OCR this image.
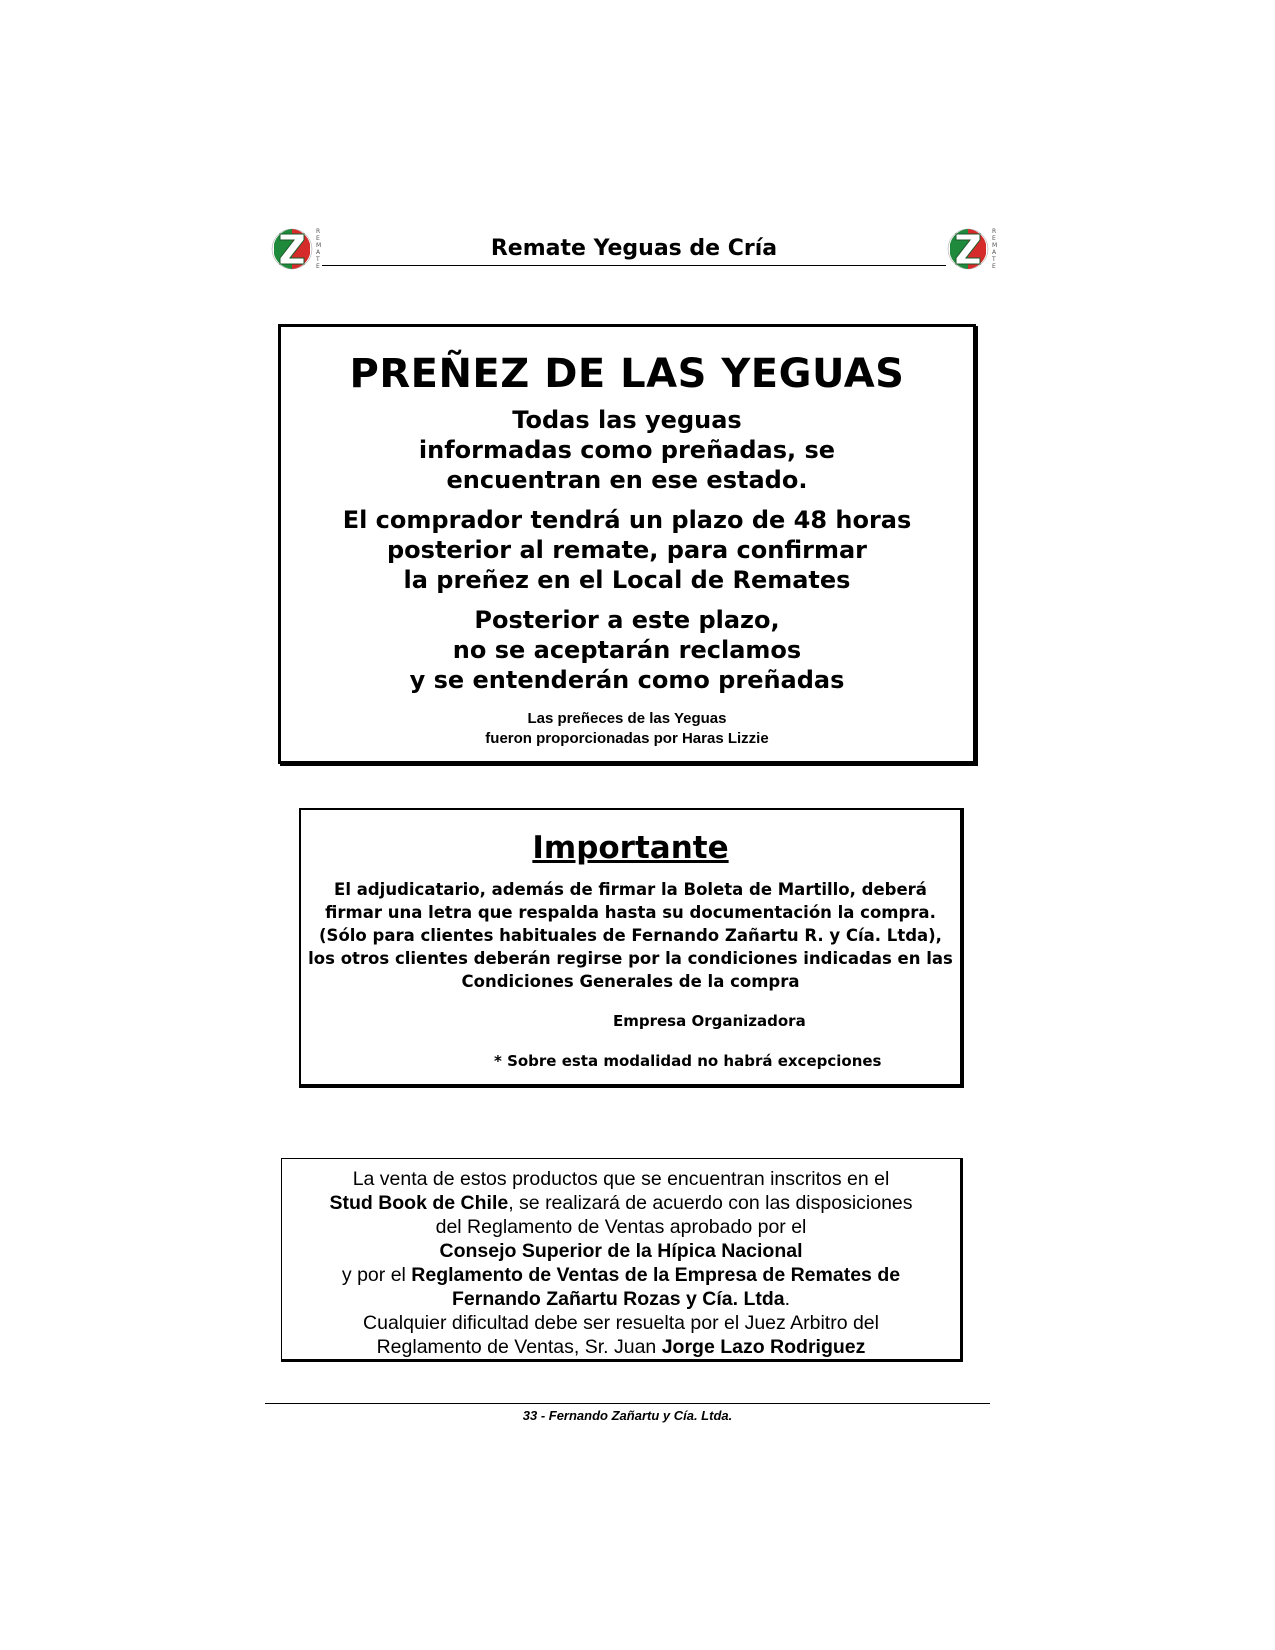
R
E
M
A
T
E
Remate Yeguas de Cría
R
E
M
A
T
E
PREÑEZ DE LAS YEGUAS
Todas las yeguas
informadas como preñadas, se
encuentran en ese estado.
El comprador tendrá un plazo de 48 horas
posterior al remate, para confirmar
la preñez en el Local de Remates
Posterior a este plazo,
no se aceptarán reclamos
y se entenderán como preñadas
Las preñeces de las Yeguas
fueron proporcionadas por Haras Lizzie
Importante
El adjudicatario, además de firmar la Boleta de Martillo, deberá
firmar una letra que respalda hasta su documentación la compra.
(Sólo para clientes habituales de Fernando Zañartu R. y Cía. Ltda),
los otros clientes deberán regirse por la condiciones indicadas en las
Condiciones Generales de la compra
Empresa Organizadora
* Sobre esta modalidad no habrá excepciones
La venta de estos productos que se encuentran inscritos en el
Stud Book de Chile, se realizará de acuerdo con las disposiciones
del Reglamento de Ventas aprobado por el
Consejo Superior de la Hípica Nacional
y por el Reglamento de Ventas de la Empresa de Remates de
Fernando Zañartu Rozas y Cía. Ltda.
Cualquier dificultad debe ser resuelta por el Juez Arbitro del
Reglamento de Ventas, Sr. Juan Jorge Lazo Rodriguez
33 - Fernando Zañartu y Cía. Ltda.
